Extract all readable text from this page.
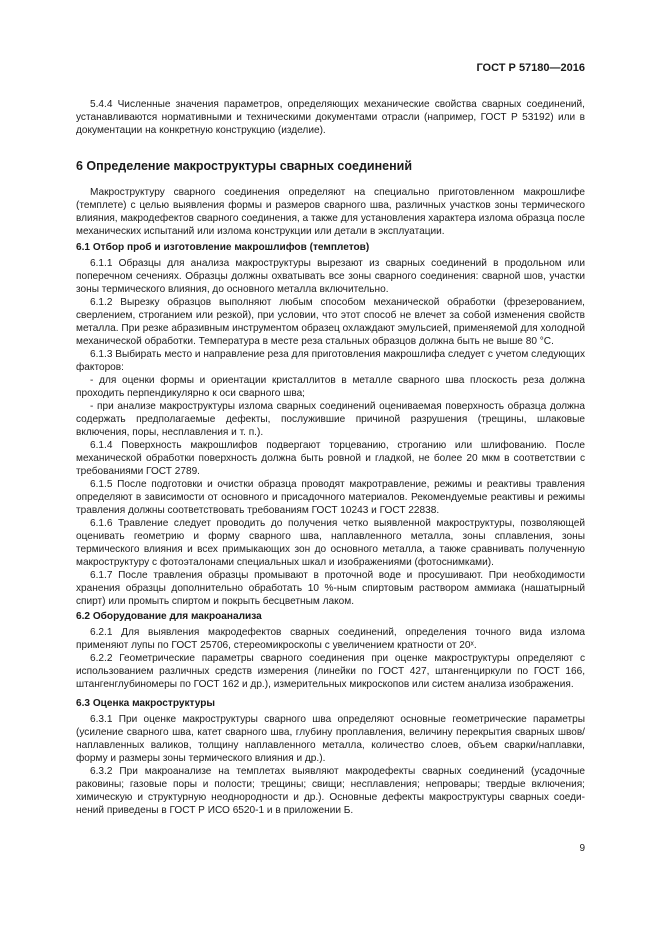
ГОСТ Р 57180—2016

5.4.4 Численные значения параметров, определяющих механические свойства сварных соединений, устанавливаются нормативными и техническими документами отрасли (например, ГОСТ Р 53192) или в документации на конкретную конструкцию (изделие).

6 Определение макроструктуры сварных соединений

Макроструктуру сварного соединения определяют на специально приготовленном макрошлифе (темплете) с целью выявления формы и размеров сварного шва, различных участков зоны термического влияния, макродефектов сварного соединения, а также для установления характера излома образца после механических испытаний или излома конструкции или детали в эксплуатации.

6.1 Отбор проб и изготовление макрошлифов (темплетов)

6.1.1 Образцы для анализа макроструктуры вырезают из сварных соединений в продольном или поперечном сечениях. Образцы должны охватывать все зоны сварного соединения: сварной шов, участки зоны термического влияния, до основного металла включительно.

6.1.2 Вырезку образцов выполняют любым способом механической обработки (фрезерованием, сверлением, строганием или резкой), при условии, что этот способ не влечет за собой изменения свойств металла. При резке абразивным инструментом образец охлаждают эмульсией, применяемой для холодной механической обработки. Температура в месте реза стальных образцов должна быть не выше 80 °С.

6.1.3 Выбирать место и направление реза для приготовления макрошлифа следует с учетом следующих факторов:

- для оценки формы и ориентации кристаллитов в металле сварного шва плоскость реза должна проходить перпендикулярно к оси сварного шва;

- при анализе макроструктуры излома сварных соединений оцениваемая поверхность образца должна содержать предполагаемые дефекты, послужившие причиной разрушения (трещины, шлаковые включения, поры, несплавления и т. п.).

6.1.4 Поверхность макрошлифов подвергают торцеванию, строганию или шлифованию. После механической обработки поверхность должна быть ровной и гладкой, не более 20 мкм в соответствии с требованиями ГОСТ 2789.

6.1.5 После подготовки и очистки образца проводят макротравление, режимы и реактивы травления определяют в зависимости от основного и присадочного материалов. Рекомендуемые реактивы и режимы травления должны соответствовать требованиям ГОСТ 10243 и ГОСТ 22838.

6.1.6 Травление следует проводить до получения четко выявленной макроструктуры, позволяющей оценивать геометрию и форму сварного шва, наплавленного металла, зоны сплавления, зоны термического влияния и всех примыкающих зон до основного металла, а также сравнивать полученную макроструктуру с фотоэталонами специальных шкал и изображениями (фотоснимками).

6.1.7 После травления образцы промывают в проточной воде и просушивают. При необходимости хранения образцы дополнительно обработать 10 %-ным спиртовым раствором аммиака (нашатырный спирт) или промыть спиртом и покрыть бесцветным лаком.

6.2 Оборудование для макроанализа

6.2.1 Для выявления макродефектов сварных соединений, определения точного вида излома применяют лупы по ГОСТ 25706, стереомикроскопы с увеличением кратности от 20ˣ.

6.2.2 Геометрические параметры сварного соединения при оценке макроструктуры определяют с использованием различных средств измерения (линейки по ГОСТ 427, штангенциркули по ГОСТ 166, штангенглубиномеры по ГОСТ 162 и др.), измерительных микроскопов или систем анализа изображения.

6.3 Оценка макроструктуры

6.3.1 При оценке макроструктуры сварного шва определяют основные геометрические параметры (усиление сварного шва, катет сварного шва, глубину проплавления, величину перекрытия сварных швов/наплавленных валиков, толщину наплавленного металла, количество слоев, объем сварки/наплавки, форму и размеры зоны термического влияния и др.).

6.3.2 При макроанализе на темплетах выявляют макродефекты сварных соединений (усадочные раковины; газовые поры и полости; трещины; свищи; несплавления; непровары; твердые включения; химическую и структурную неоднородности и др.). Основные дефекты макроструктуры сварных соединений приведены в ГОСТ Р ИСО 6520-1 и в приложении Б.

9
